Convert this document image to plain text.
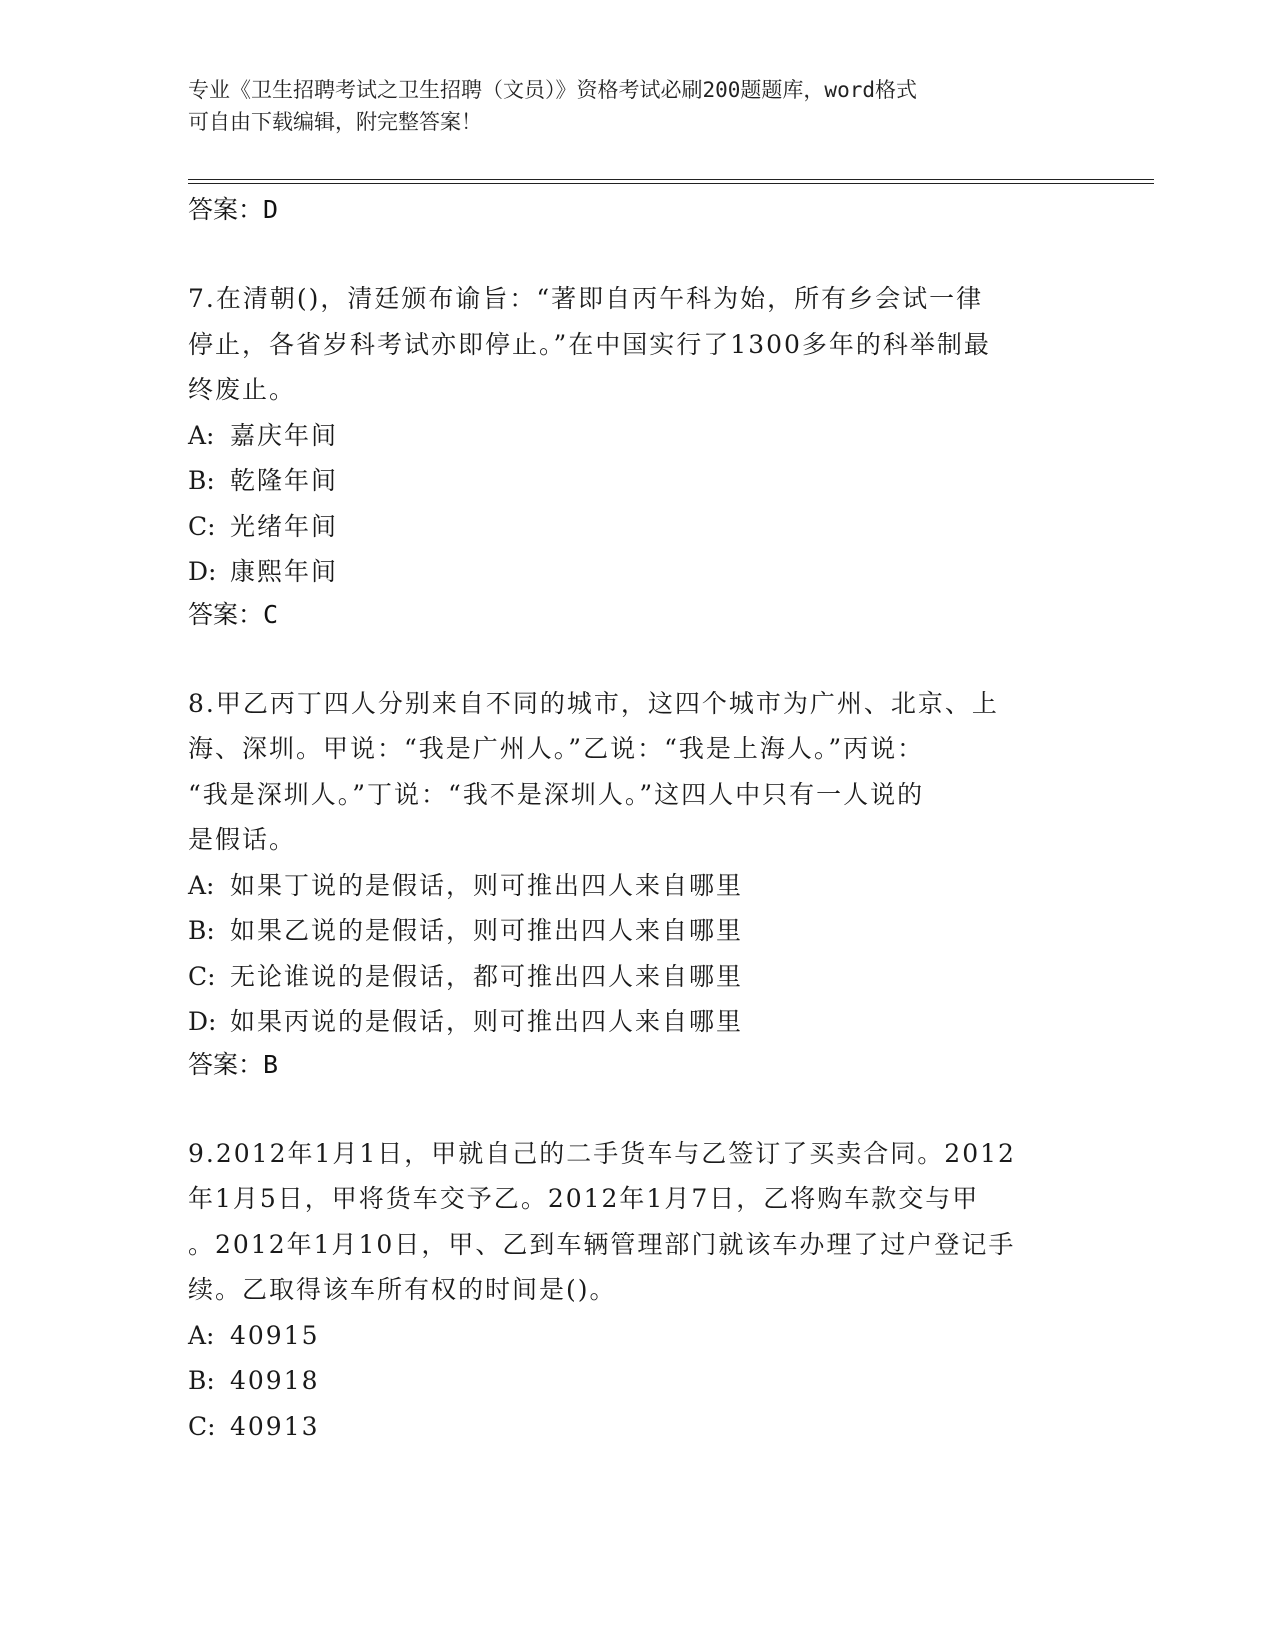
专业《卫生招聘考试之卫生招聘（文员）》资格考试必刷200题题库，word格式
可自由下载编辑，附完整答案！
答案：D
7.在清朝()，清廷颁布谕旨：“著即自丙午科为始，所有乡会试一律
停止，各省岁科考试亦即停止。”在中国实行了1300多年的科举制最
终废止。
A: 嘉庆年间
B: 乾隆年间
C: 光绪年间
D: 康熙年间
答案：C
8.甲乙丙丁四人分别来自不同的城市，这四个城市为广州、北京、上
海、深圳。甲说：“我是广州人。”乙说：“我是上海人。”丙说：
“我是深圳人。”丁说：“我不是深圳人。”这四人中只有一人说的
是假话。
A: 如果丁说的是假话，则可推出四人来自哪里
B: 如果乙说的是假话，则可推出四人来自哪里
C: 无论谁说的是假话，都可推出四人来自哪里
D: 如果丙说的是假话，则可推出四人来自哪里
答案：B
9.2012年1月1日，甲就自己的二手货车与乙签订了买卖合同。2012
年1月5日，甲将货车交予乙。2012年1月7日，乙将购车款交与甲
。2012年1月10日，甲、乙到车辆管理部门就该车办理了过户登记手
续。乙取得该车所有权的时间是()。
A: 40915
B: 40918
C: 40913
